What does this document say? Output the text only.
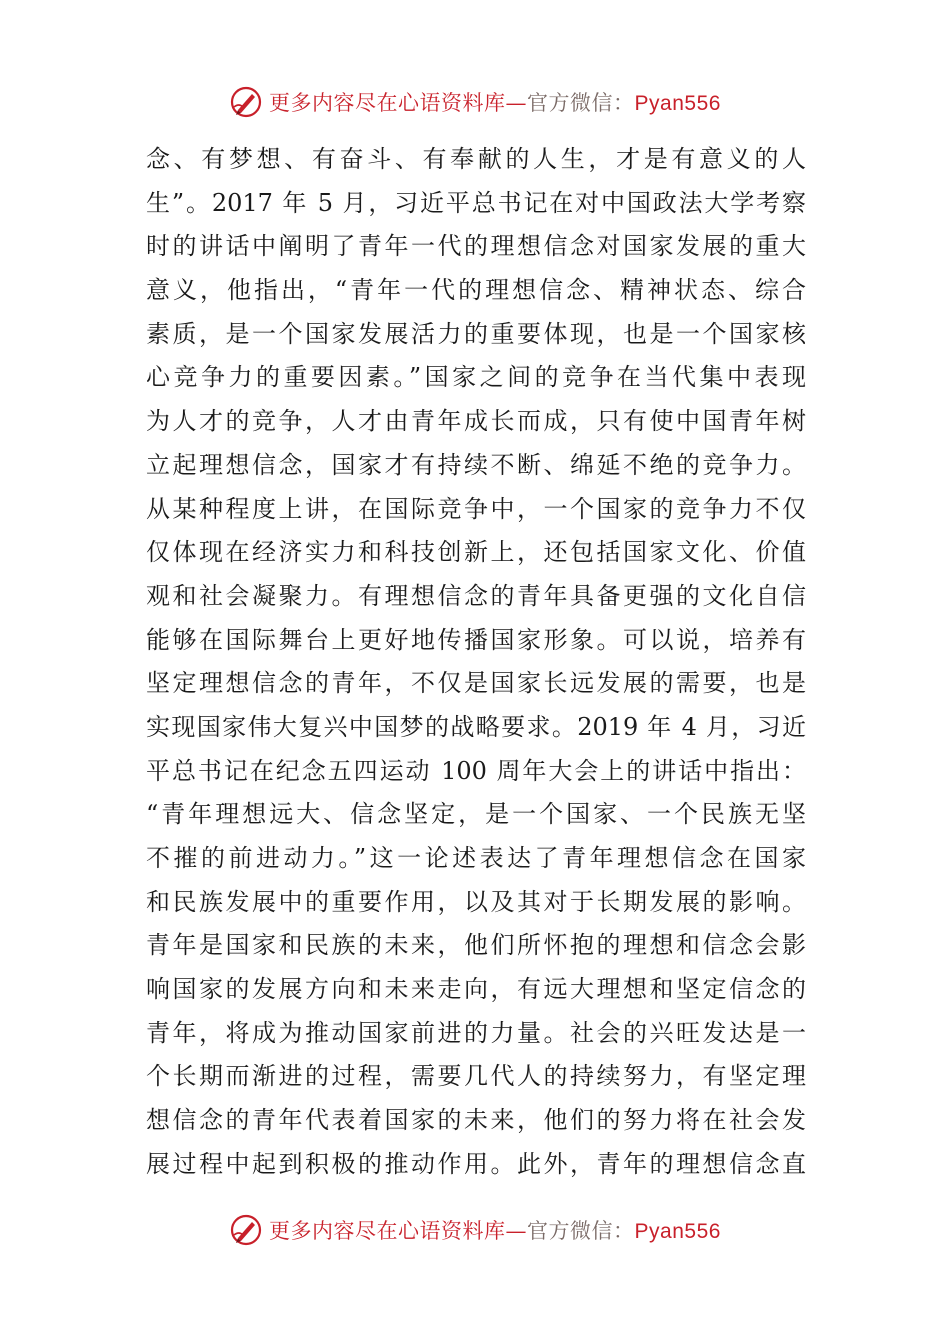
更多内容尽在心语资料库—官方微信：Pyan556
念、有梦想、有奋斗、有奉献的人生，才是有意义的人
生”。2017 年 5 月，习近平总书记在对中国政法大学考察
时的讲话中阐明了青年一代的理想信念对国家发展的重大
意义，他指出，“青年一代的理想信念、精神状态、综合
素质，是一个国家发展活力的重要体现，也是一个国家核
心竞争力的重要因素。”国家之间的竞争在当代集中表现
为人才的竞争，人才由青年成长而成，只有使中国青年树
立起理想信念，国家才有持续不断、绵延不绝的竞争力。
从某种程度上讲，在国际竞争中，一个国家的竞争力不仅
仅体现在经济实力和科技创新上，还包括国家文化、价值
观和社会凝聚力。有理想信念的青年具备更强的文化自信
能够在国际舞台上更好地传播国家形象。可以说，培养有
坚定理想信念的青年，不仅是国家长远发展的需要，也是
实现国家伟大复兴中国梦的战略要求。2019 年 4 月，习近
平总书记在纪念五四运动 100 周年大会上的讲话中指出：
“青年理想远大、信念坚定，是一个国家、一个民族无坚
不摧的前进动力。”这一论述表达了青年理想信念在国家
和民族发展中的重要作用，以及其对于长期发展的影响。
青年是国家和民族的未来，他们所怀抱的理想和信念会影
响国家的发展方向和未来走向，有远大理想和坚定信念的
青年，将成为推动国家前进的力量。社会的兴旺发达是一
个长期而渐进的过程，需要几代人的持续努力，有坚定理
想信念的青年代表着国家的未来，他们的努力将在社会发
展过程中起到积极的推动作用。此外，青年的理想信念直
更多内容尽在心语资料库—官方微信：Pyan556
